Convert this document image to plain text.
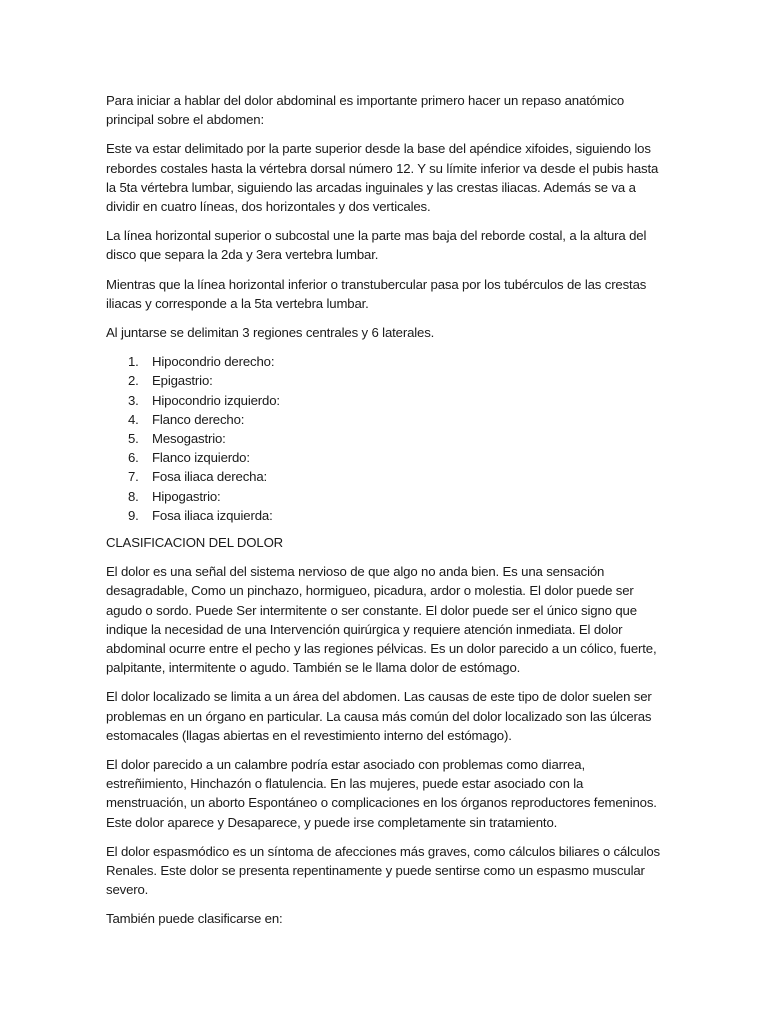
Para iniciar a hablar del dolor abdominal es importante primero hacer un repaso anatómico principal sobre el abdomen:

Este va estar delimitado por la parte superior desde la base del apéndice xifoides, siguiendo los rebordes costales hasta la vértebra dorsal número 12. Y su límite inferior va desde el pubis hasta la 5ta vértebra lumbar, siguiendo las arcadas inguinales y las crestas iliacas. Además se va a dividir en cuatro líneas, dos horizontales y dos verticales.

La línea horizontal superior o subcostal une la parte mas baja del reborde costal, a la altura del disco que separa la 2da y 3era vertebra lumbar.

Mientras que la línea horizontal inferior o transtubercular pasa por los tubérculos de las crestas iliacas y corresponde a la 5ta vertebra lumbar.

Al juntarse se delimitan 3 regiones centrales y 6 laterales.

1.	Hipocondrio derecho:
2.	Epigastrio:
3.	Hipocondrio izquierdo:
4.	Flanco derecho:
5.	Mesogastrio:
6.	Flanco izquierdo:
7.	Fosa iliaca derecha:
8.	Hipogastrio:
9.	Fosa iliaca izquierda:

CLASIFICACION DEL DOLOR

El dolor es una señal del sistema nervioso de que algo no anda bien. Es una sensación desagradable, Como un pinchazo, hormigueo, picadura, ardor o molestia. El dolor puede ser agudo o sordo. Puede Ser intermitente o ser constante. El dolor puede ser el único signo que indique la necesidad de una Intervención quirúrgica y requiere atención inmediata. El dolor abdominal ocurre entre el pecho y las regiones pélvicas. Es un dolor parecido a un cólico, fuerte, palpitante, intermitente o agudo. También se le llama dolor de estómago.

El dolor localizado se limita a un área del abdomen. Las causas de este tipo de dolor suelen ser problemas en un órgano en particular. La causa más común del dolor localizado son las úlceras estomacales (llagas abiertas en el revestimiento interno del estómago).

El dolor parecido a un calambre podría estar asociado con problemas como diarrea, estreñimiento, Hinchazón o flatulencia. En las mujeres, puede estar asociado con la menstruación, un aborto Espontáneo o complicaciones en los órganos reproductores femeninos. Este dolor aparece y Desaparece, y puede irse completamente sin tratamiento.

El dolor espasmódico es un síntoma de afecciones más graves, como cálculos biliares o cálculos Renales. Este dolor se presenta repentinamente y puede sentirse como un espasmo muscular severo.

También puede clasificarse en:
